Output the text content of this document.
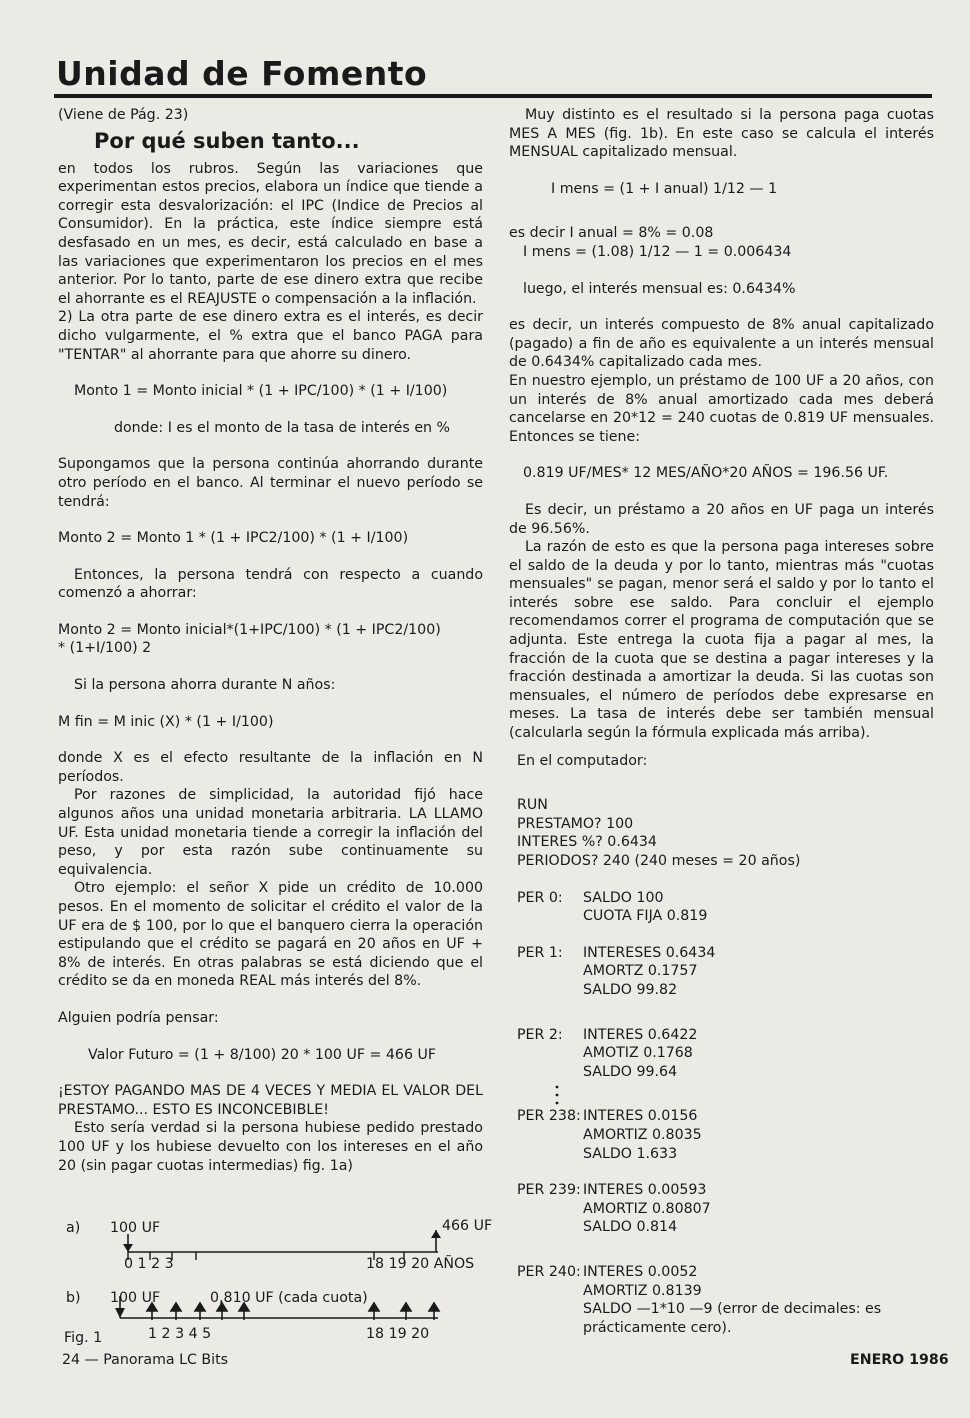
Unidad de Fomento

(Viene de Pág. 23)

Por qué suben tanto...

en todos los rubros. Según las variaciones que experimentan estos precios, elabora un índice que tiende a corregir esta desvalorización: el IPC (Indice de Precios al Consumidor). En la práctica, este índice siempre está desfasado en un mes, es decir, está calculado en base a las variaciones que experimentaron los precios en el mes anterior. Por lo tanto, parte de ese dinero extra que recibe el ahorrante es el REAJUSTE o compensación a la inflación.

2) La otra parte de ese dinero extra es el interés, es decir dicho vulgarmente, el % extra que el banco PAGA para "TENTAR" al ahorrante para que ahorre su dinero.

Monto 1 = Monto inicial * (1 + IPC/100) * (1 + I/100)

donde: I es el monto de la tasa de interés en %

Supongamos que la persona continúa ahorrando durante otro período en el banco. Al terminar el nuevo período se tendrá:

Monto 2 = Monto 1 * (1 + IPC2/100) * (1 + I/100)

Entonces, la persona tendrá con respecto a cuando comenzó a ahorrar:

Monto 2 = Monto inicial*(1+IPC/100) * (1 + IPC2/100)

* (1+I/100) 2

Si la persona ahorra durante N años:

M fin = M inic (X) * (1 + I/100)

donde X es el efecto resultante de la inflación en N períodos.

Por razones de simplicidad, la autoridad fijó hace algunos años una unidad monetaria arbitraria. LA LLAMO UF. Esta unidad monetaria tiende a corregir la inflación del peso, y por esta razón sube continuamente su equivalencia.

Otro ejemplo: el señor X pide un crédito de 10.000 pesos. En el momento de solicitar el crédito el valor de la UF era de $ 100, por lo que el banquero cierra la operación estipulando que el crédito se pagará en 20 años en UF + 8% de interés. En otras palabras se está diciendo que el crédito se da en moneda REAL más interés del 8%.

Alguien podría pensar:

Valor Futuro = (1 + 8/100) 20 * 100 UF = 466 UF

¡ESTOY PAGANDO MAS DE 4 VECES Y MEDIA EL VALOR DEL PRESTAMO... ESTO ES INCONCEBIBLE!

Esto sería verdad si la persona hubiese pedido prestado 100 UF y los hubiese devuelto con los intereses en el año 20 (sin pagar cuotas intermedias) fig. 1a)

a) 100 UF	466 UF
0 1 2 3	18 19 20 AÑOS
b) 100 UF	0,810 UF (cada cuota)
Fig. 1	1 2 3 4 5	18 19 20

Muy distinto es el resultado si la persona paga cuotas MES A MES (fig. 1b). En este caso se calcula el interés MENSUAL capitalizado mensual.

I mens = (1 + I anual) 1/12 — 1

es decir I anual = 8% = 0.08

I mens = (1.08) 1/12 — 1 = 0.006434

luego, el interés mensual es: 0.6434%

es decir, un interés compuesto de 8% anual capitalizado (pagado) a fin de año es equivalente a un interés mensual de 0.6434% capitalizado cada mes.

En nuestro ejemplo, un préstamo de 100 UF a 20 años, con un interés de 8% anual amortizado cada mes deberá cancelarse en 20*12 = 240 cuotas de 0.819 UF mensuales. Entonces se tiene:

0.819 UF/MES* 12 MES/AÑO*20 AÑOS = 196.56 UF.

Es decir, un préstamo a 20 años en UF paga un interés de 96.56%.

La razón de esto es que la persona paga intereses sobre el saldo de la deuda y por lo tanto, mientras más "cuotas mensuales" se pagan, menor será el saldo y por lo tanto el interés sobre ese saldo. Para concluir el ejemplo recomendamos correr el programa de computación que se adjunta. Este entrega la cuota fija a pagar al mes, la fracción de la cuota que se destina a pagar intereses y la fracción destinada a amortizar la deuda. Si las cuotas son mensuales, el número de períodos debe expresarse en meses. La tasa de interés debe ser también mensual (calcularla según la fórmula explicada más arriba).

En el computador:

RUN

PRESTAMO? 100

INTERES %? 0.6434

PERIODOS? 240 (240 meses = 20 años)

PER 0:	SALDO 100
CUOTA FIJA 0.819
PER 1:	INTERESES 0.6434
AMORTZ 0.1757
SALDO 99.82
PER 2:	INTERES 0.6422
AMOTIZ 0.1768
SALDO 99.64
PER 238: INTERES 0.0156
AMORTIZ 0.8035
SALDO 1.633
PER 239: INTERES 0.00593
AMORTIZ 0.80807
SALDO 0.814
PER 240: INTERES 0.0052
AMORTIZ 0.8139
SALDO —1*10 —9 (error de decimales: es prácticamente cero).
24 — Panorama LC Bits	ENERO 1986
